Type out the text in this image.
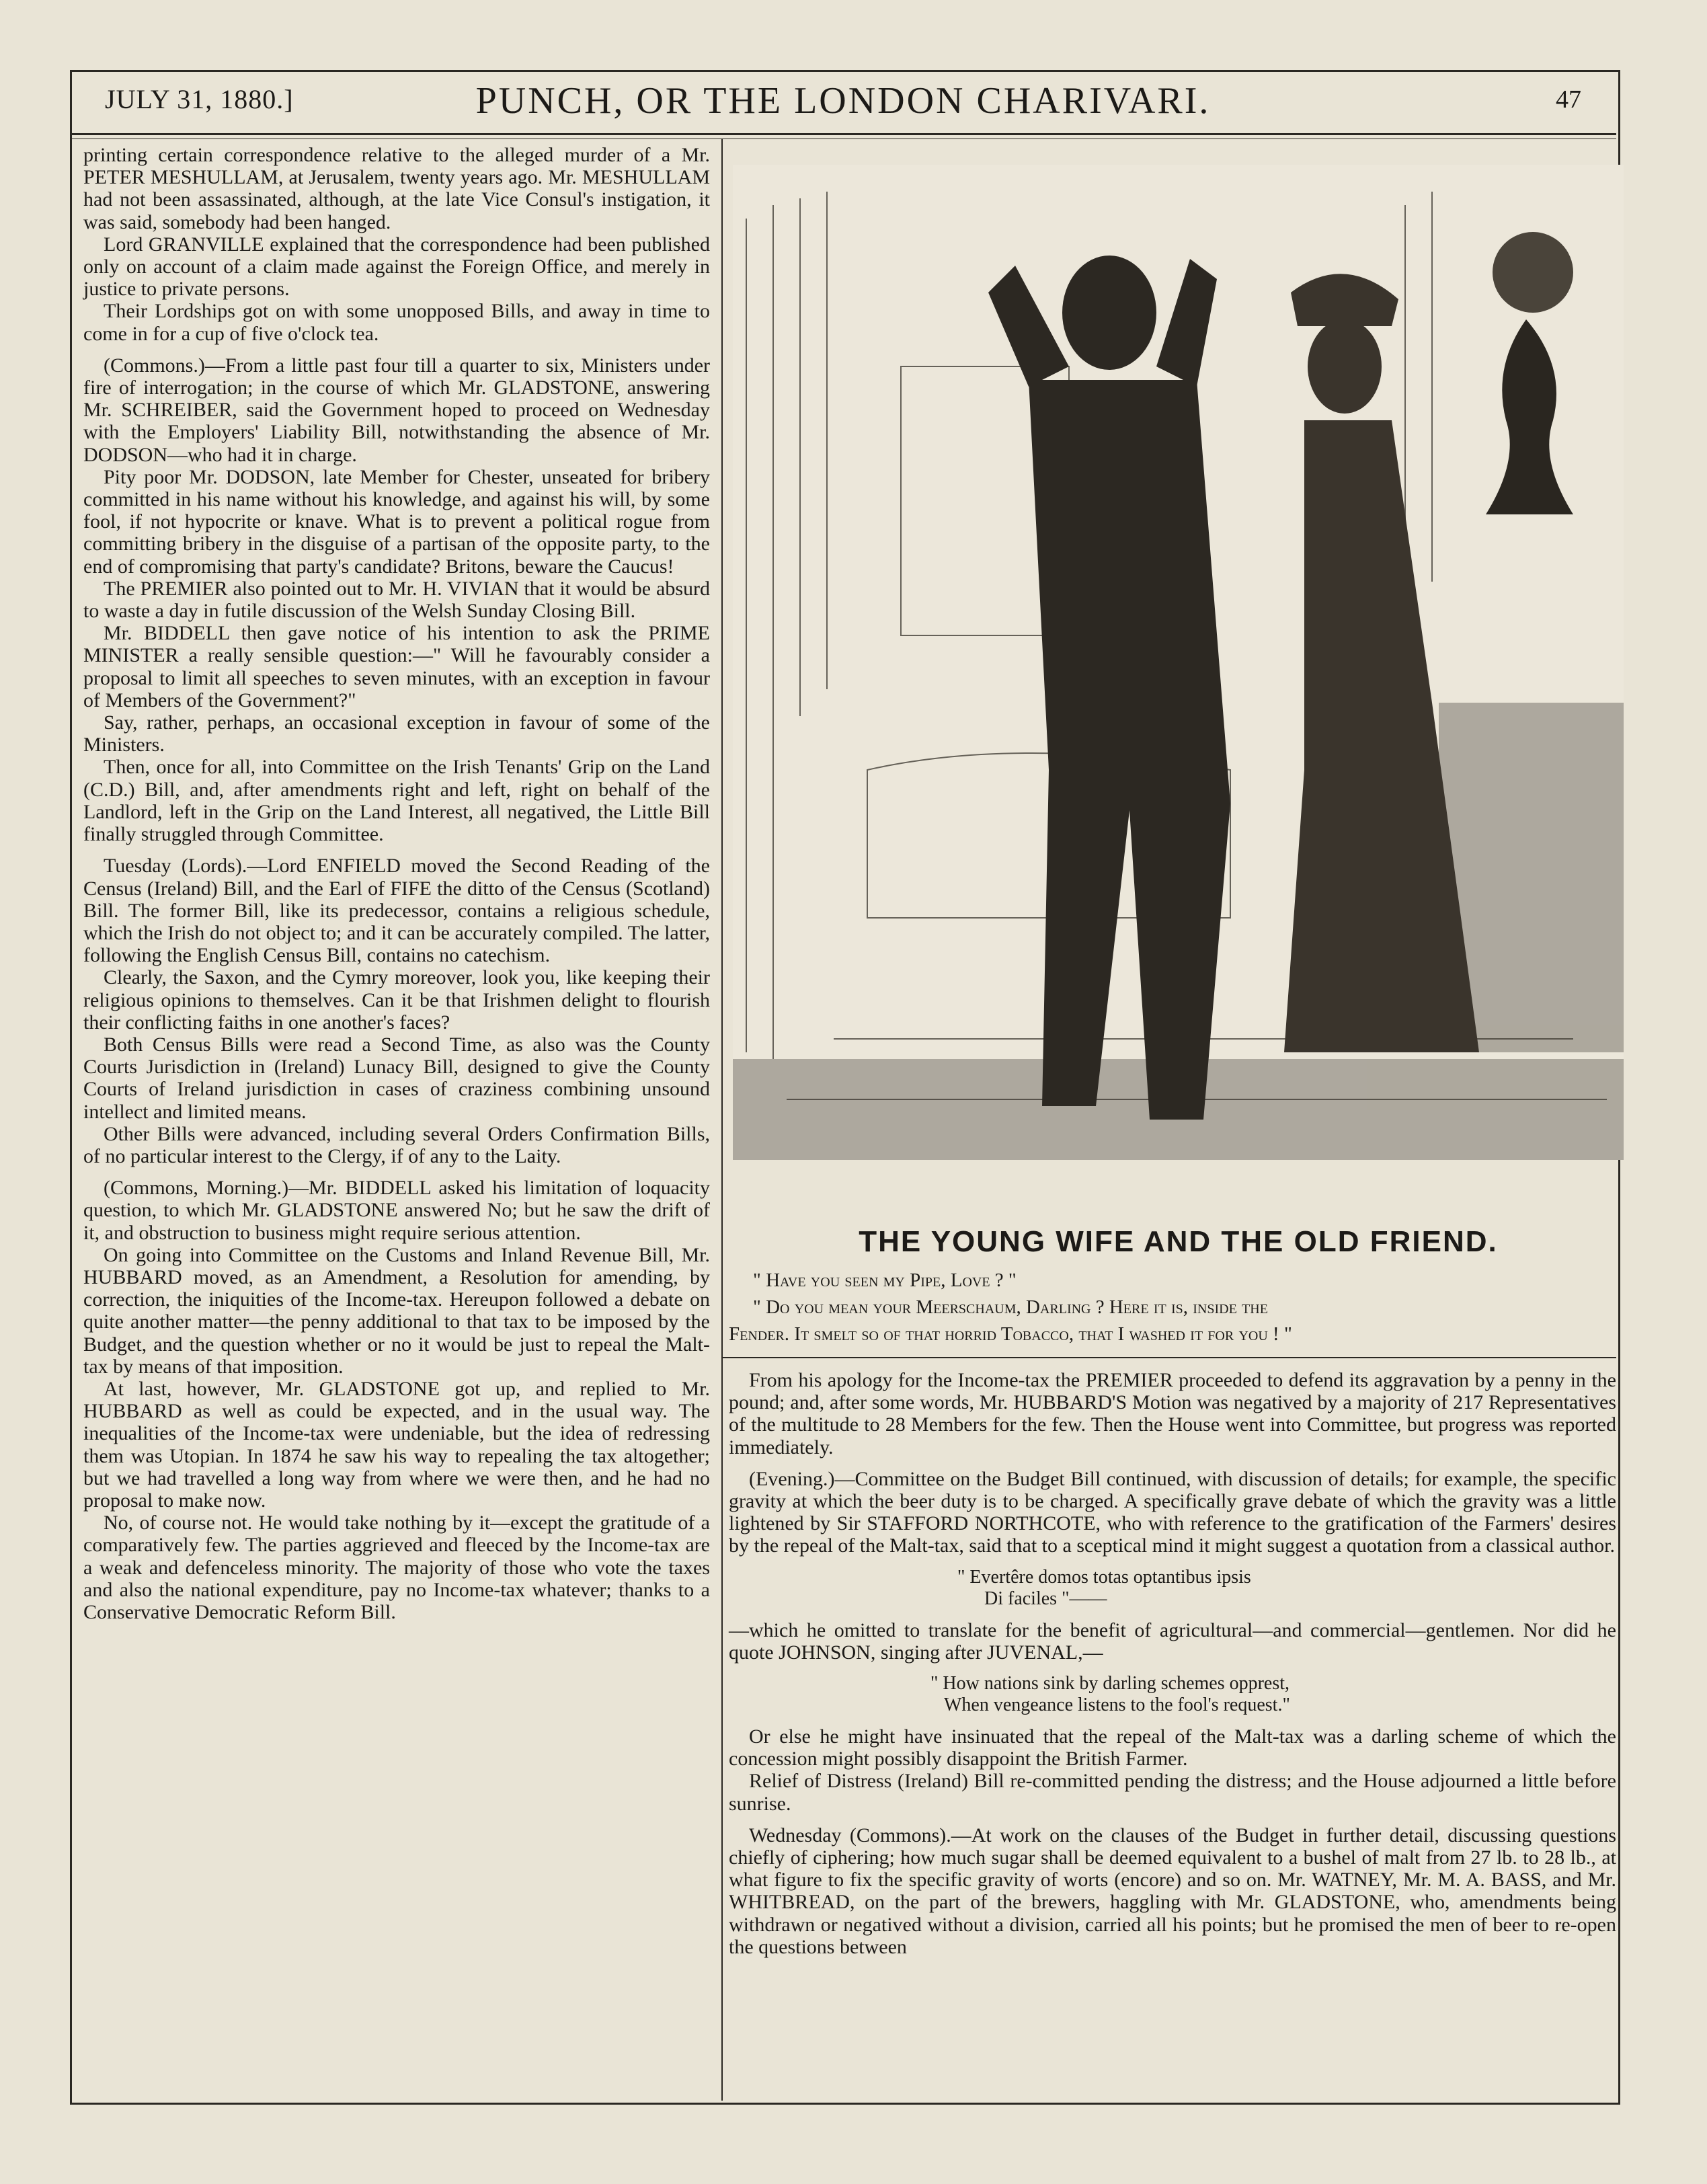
JULY 31, 1880.]	PUNCH, OR THE LONDON CHARIVARI.	47

printing certain correspondence relative to the alleged murder of a Mr. PETER MESHULLAM, at Jerusalem, twenty years ago. Mr. MESHULLAM had not been assassinated, although, at the late Vice Consul's instigation, it was said, somebody had been hanged.

Lord GRANVILLE explained that the correspondence had been published only on account of a claim made against the Foreign Office, and merely in justice to private persons.

Their Lordships got on with some unopposed Bills, and away in time to come in for a cup of five o'clock tea.

(Commons.)—From a little past four till a quarter to six, Ministers under fire of interrogation; in the course of which Mr. GLADSTONE, answering Mr. SCHREIBER, said the Government hoped to proceed on Wednesday with the Employers' Liability Bill, notwithstanding the absence of Mr. DODSON—who had it in charge.

Pity poor Mr. DODSON, late Member for Chester, unseated for bribery committed in his name without his knowledge, and against his will, by some fool, if not hypocrite or knave. What is to prevent a political rogue from committing bribery in the disguise of a partisan of the opposite party, to the end of compromising that party's candidate? Britons, beware the Caucus!

The PREMIER also pointed out to Mr. H. VIVIAN that it would be absurd to waste a day in futile discussion of the Welsh Sunday Closing Bill.

Mr. BIDDELL then gave notice of his intention to ask the PRIME MINISTER a really sensible question:—" Will he favourably consider a proposal to limit all speeches to seven minutes, with an exception in favour of Members of the Government?"

Say, rather, perhaps, an occasional exception in favour of some of the Ministers.

Then, once for all, into Committee on the Irish Tenants' Grip on the Land (C.D.) Bill, and, after amendments right and left, right on behalf of the Landlord, left in the Grip on the Land Interest, all negatived, the Little Bill finally struggled through Committee.

Tuesday (Lords).—Lord ENFIELD moved the Second Reading of the Census (Ireland) Bill, and the Earl of FIFE the ditto of the Census (Scotland) Bill. The former Bill, like its predecessor, contains a religious schedule, which the Irish do not object to; and it can be accurately compiled. The latter, following the English Census Bill, contains no catechism.

Clearly, the Saxon, and the Cymry moreover, look you, like keeping their religious opinions to themselves. Can it be that Irishmen delight to flourish their conflicting faiths in one another's faces?

Both Census Bills were read a Second Time, as also was the County Courts Jurisdiction in (Ireland) Lunacy Bill, designed to give the County Courts of Ireland jurisdiction in cases of craziness combining unsound intellect and limited means.

Other Bills were advanced, including several Orders Confirmation Bills, of no particular interest to the Clergy, if of any to the Laity.

(Commons, Morning.)—Mr. BIDDELL asked his limitation of loquacity question, to which Mr. GLADSTONE answered No; but he saw the drift of it, and obstruction to business might require serious attention.

On going into Committee on the Customs and Inland Revenue Bill, Mr. HUBBARD moved, as an Amendment, a Resolution for amending, by correction, the iniquities of the Income-tax. Hereupon followed a debate on quite another matter—the penny additional to that tax to be imposed by the Budget, and the question whether or no it would be just to repeal the Malt-tax by means of that imposition.

At last, however, Mr. GLADSTONE got up, and replied to Mr. HUBBARD as well as could be expected, and in the usual way. The inequalities of the Income-tax were undeniable, but the idea of redressing them was Utopian. In 1874 he saw his way to repealing the tax altogether; but we had travelled a long way from where we were then, and he had no proposal to make now.

No, of course not. He would take nothing by it—except the gratitude of a comparatively few. The parties aggrieved and fleeced by the Income-tax are a weak and defenceless minority. The majority of those who vote the taxes and also the national expenditure, pay no Income-tax whatever; thanks to a Conservative Democratic Reform Bill.

THE YOUNG WIFE AND THE OLD FRIEND.
" Have you seen my Pipe, Love ? "
" Do you mean your Meerschaum, Darling ? Here it is, inside the
Fender. It smelt so of that horrid Tobacco, that I washed it for you ! "

From his apology for the Income-tax the PREMIER proceeded to defend its aggravation by a penny in the pound; and, after some words, Mr. HUBBARD'S Motion was negatived by a majority of 217 Representatives of the multitude to 28 Members for the few. Then the House went into Committee, but progress was reported immediately.

(Evening.)—Committee on the Budget Bill continued, with discussion of details; for example, the specific gravity at which the beer duty is to be charged. A specifically grave debate of which the gravity was a little lightened by Sir STAFFORD NORTHCOTE, who with reference to the gratification of the Farmers' desires by the repeal of the Malt-tax, said that to a sceptical mind it might suggest a quotation from a classical author.

" Evertêre domos totas optantibus ipsis

Di faciles "——

—which he omitted to translate for the benefit of agricultural—and commercial—gentlemen. Nor did he quote JOHNSON, singing after JUVENAL,—

" How nations sink by darling schemes opprest,

When vengeance listens to the fool's request."

Or else he might have insinuated that the repeal of the Malt-tax was a darling scheme of which the concession might possibly disappoint the British Farmer.

Relief of Distress (Ireland) Bill re-committed pending the distress; and the House adjourned a little before sunrise.

Wednesday (Commons).—At work on the clauses of the Budget in further detail, discussing questions chiefly of ciphering; how much sugar shall be deemed equivalent to a bushel of malt from 27 lb. to 28 lb., at what figure to fix the specific gravity of worts (encore) and so on. Mr. WATNEY, Mr. M. A. BASS, and Mr. WHITBREAD, on the part of the brewers, haggling with Mr. GLADSTONE, who, amendments being withdrawn or negatived without a division, carried all his points; but he promised the men of beer to re-open the questions between
